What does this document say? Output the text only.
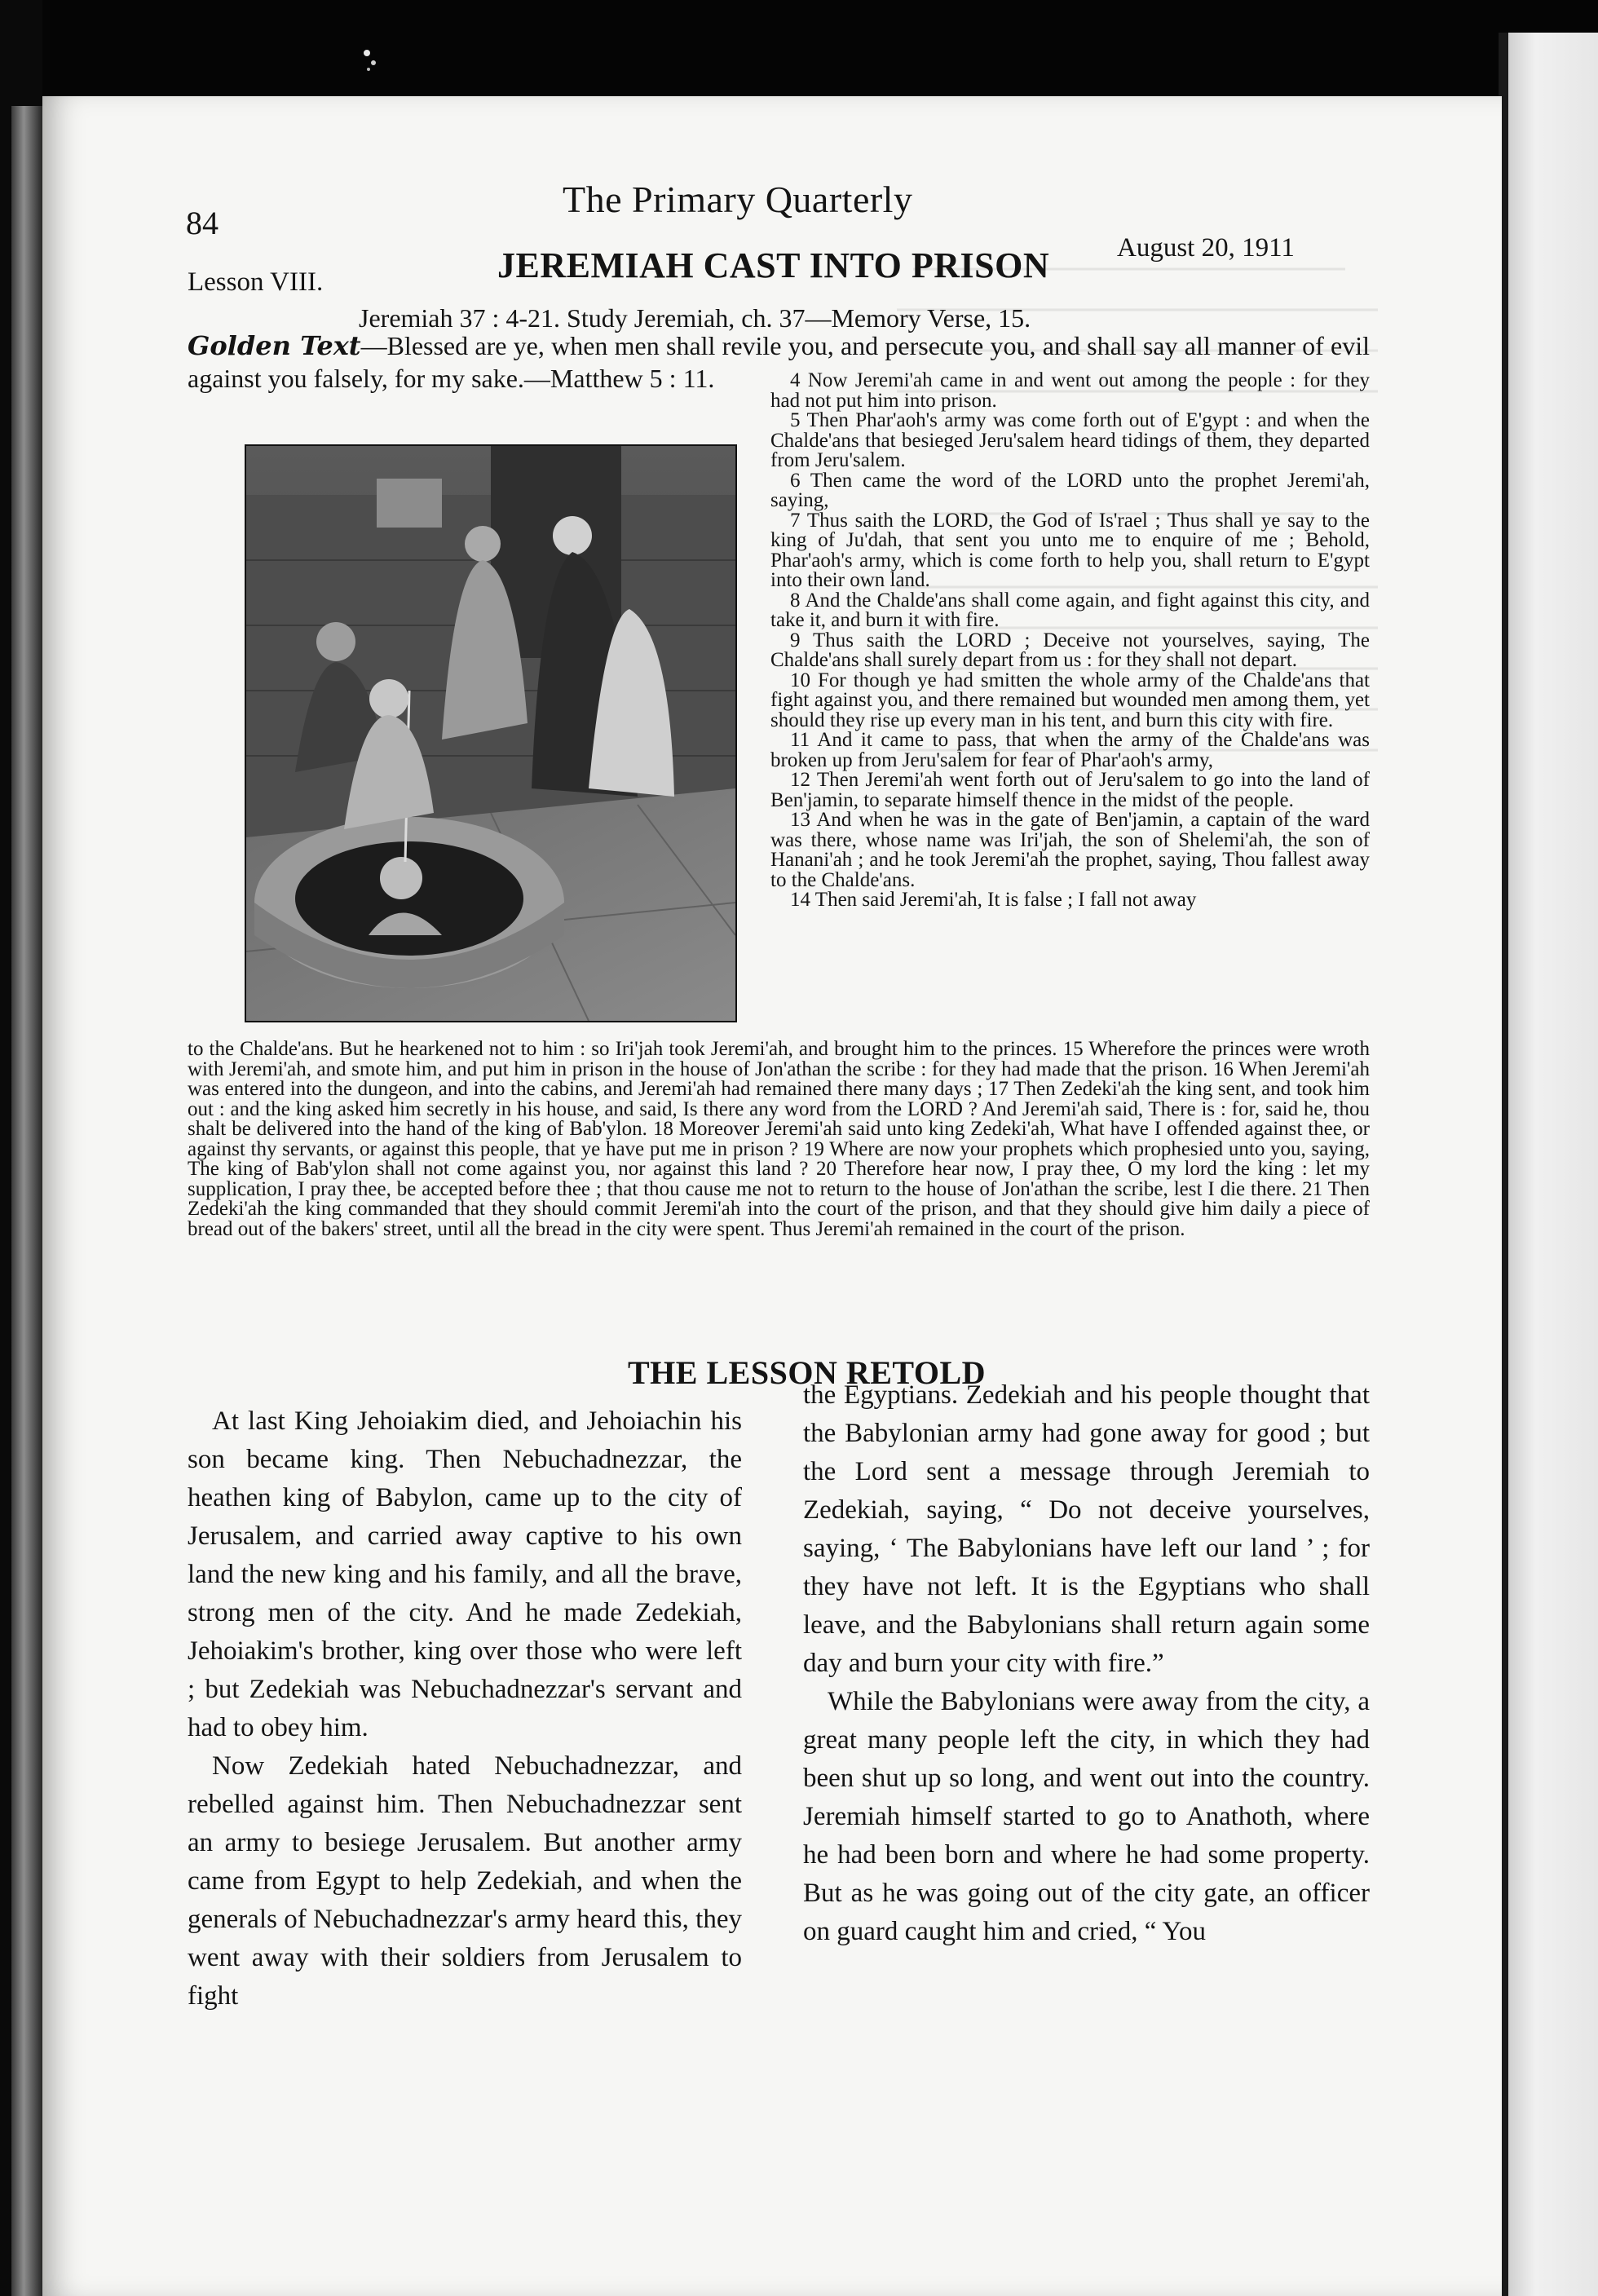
84
The Primary Quarterly
Lesson VIII.	JEREMIAH CAST INTO PRISON	August 20, 1911
Jeremiah 37 : 4-21. Study Jeremiah, ch. 37—Memory Verse, 15.
Golden Text—Blessed are ye, when men shall revile you, and persecute you, and shall say all manner of evil against you falsely, for my sake.—Matthew 5 : 11.	4 Now Jeremi'ah came in and went out among the people : for they had not put him into prison.

5 Then Phar'aoh's army was come forth out of E'gypt : and when the Chalde'ans that besieged Jeru'salem heard tidings of them, they departed from Jeru'salem.

6 Then came the word of the LORD unto the prophet Jeremi'ah, saying,

7 Thus saith the LORD, the God of Is'rael ; Thus shall ye say to the king of Ju'dah, that sent you unto me to enquire of me ; Behold, Phar'aoh's army, which is come forth to help you, shall return to E'gypt into their own land.

8 And the Chalde'ans shall come again, and fight against this city, and take it, and burn it with fire.

9 Thus saith the LORD ; Deceive not yourselves, saying, The Chalde'ans shall surely depart from us : for they shall not depart.

10 For though ye had smitten the whole army of the Chalde'ans that fight against you, and there remained but wounded men among them, yet should they rise up every man in his tent, and burn this city with fire.

11 And it came to pass, that when the army of the Chalde'ans was broken up from Jeru'salem for fear of Phar'aoh's army,

12 Then Jeremi'ah went forth out of Jeru'salem to go into the land of Ben'jamin, to separate himself thence in the midst of the people.

13 And when he was in the gate of Ben'jamin, a captain of the ward was there, whose name was Iri'jah, the son of Shelemi'ah, the son of Hanani'ah ; and he took Jeremi'ah the prophet, saying, Thou fallest away to the Chalde'ans.

14 Then said Jeremi'ah, It is false ; I fall not away

to the Chalde'ans. But he hearkened not to him : so Iri'jah took Jeremi'ah, and brought him to the princes. 15 Wherefore the princes were wroth with Jeremi'ah, and smote him, and put him in prison in the house of Jon'athan the scribe : for they had made that the prison. 16 When Jeremi'ah was entered into the dungeon, and into the cabins, and Jeremi'ah had remained there many days ; 17 Then Zedeki'ah the king sent, and took him out : and the king asked him secretly in his house, and said, Is there any word from the LORD ? And Jeremi'ah said, There is : for, said he, thou shalt be delivered into the hand of the king of Bab'ylon. 18 Moreover Jeremi'ah said unto king Zedeki'ah, What have I offended against thee, or against thy servants, or against this people, that ye have put me in prison ? 19 Where are now your prophets which prophesied unto you, saying, The king of Bab'ylon shall not come against you, nor against this land ? 20 Therefore hear now, I pray thee, O my lord the king : let my supplication, I pray thee, be accepted before thee ; that thou cause me not to return to the house of Jon'athan the scribe, lest I die there. 21 Then Zedeki'ah the king commanded that they should commit Jeremi'ah into the court of the prison, and that they should give him daily a piece of bread out of the bakers' street, until all the bread in the city were spent. Thus Jeremi'ah remained in the court of the prison.
THE LESSON RETOLD

At last King Jehoiakim died, and Jehoiachin his son became king. Then Nebuchadnezzar, the heathen king of Babylon, came up to the city of Jerusalem, and carried away captive to his own land the new king and his family, and all the brave, strong men of the city. And he made Zedekiah, Jehoiakim's brother, king over those who were left ; but Zedekiah was Nebuchadnezzar's servant and had to obey him.

Now Zedekiah hated Nebuchadnezzar, and rebelled against him. Then Nebuchadnezzar sent an army to besiege Jerusalem. But another army came from Egypt to help Zedekiah, and when the generals of Nebuchadnezzar's army heard this, they went away with their soldiers from Jerusalem to fight

the Egyptians. Zedekiah and his people thought that the Babylonian army had gone away for good ; but the Lord sent a message through Jeremiah to Zedekiah, saying, “ Do not deceive yourselves, saying, ‘ The Babylonians have left our land ’ ; for they have not left. It is the Egyptians who shall leave, and the Babylonians shall return again some day and burn your city with fire.”

While the Babylonians were away from the city, a great many people left the city, in which they had been shut up so long, and went out into the country. Jeremiah himself started to go to Anathoth, where he had been born and where he had some property. But as he was going out of the city gate, an officer on guard caught him and cried, “ You
